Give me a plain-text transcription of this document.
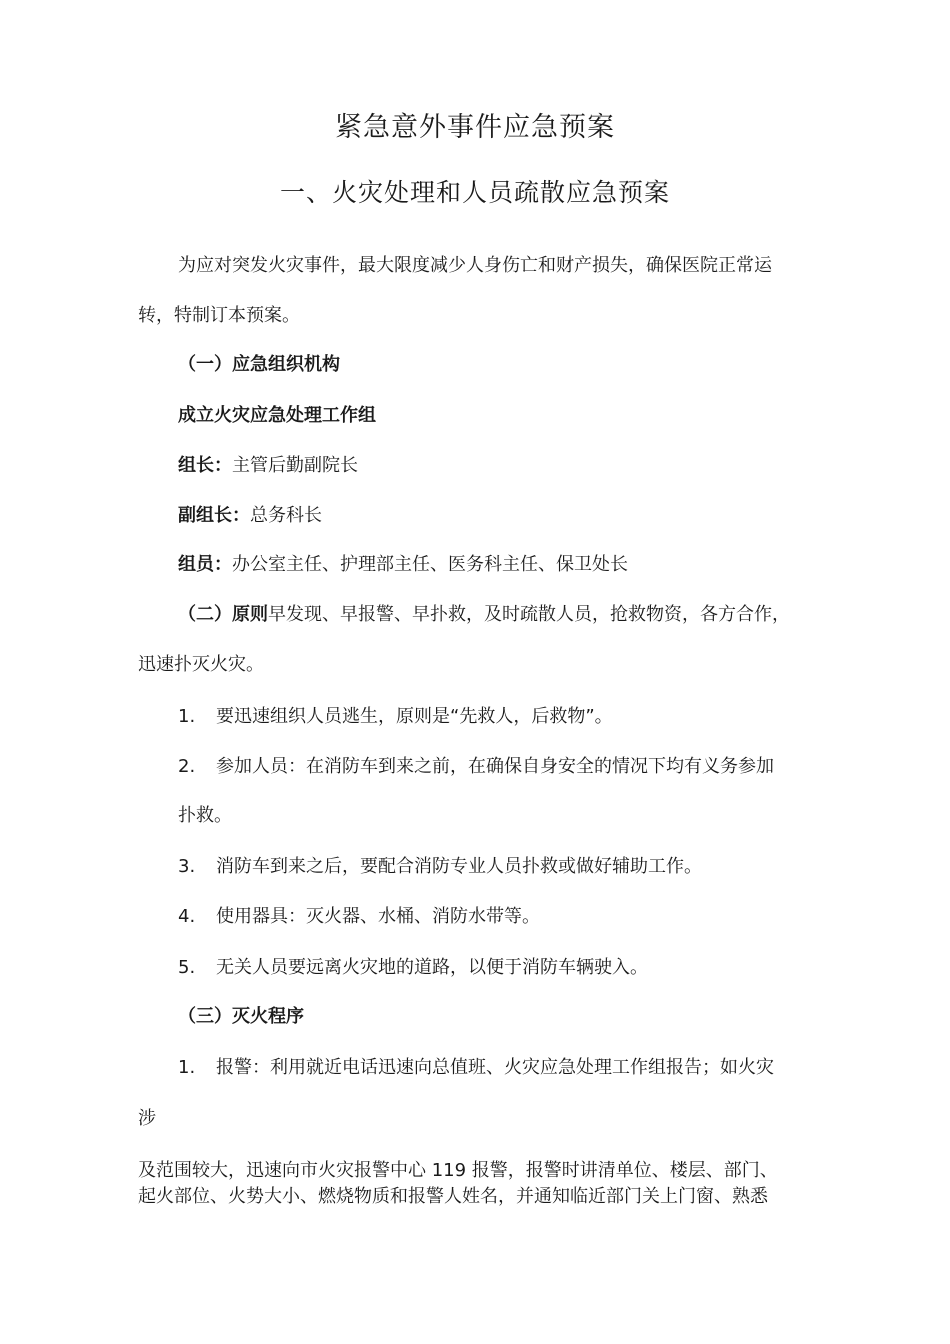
紧急意外事件应急预案
一、火灾处理和人员疏散应急预案

为应对突发火灾事件，最大限度减少人身伤亡和财产损失，确保医院正常运

转，特制订本预案。

（一）应急组织机构

成立火灾应急处理工作组

组长：主管后勤副院长

副组长：总务科长

组员：办公室主任、护理部主任、医务科主任、保卫处长

（二）原则早发现、早报警、早扑救，及时疏散人员，抢救物资，各方合作，

迅速扑灭火灾。

1. 要迅速组织人员逃生，原则是“先救人，后救物”。

2. 参加人员：在消防车到来之前，在确保自身安全的情况下均有义务参加

扑救。

3. 消防车到来之后，要配合消防专业人员扑救或做好辅助工作。

4. 使用器具：灭火器、水桶、消防水带等。

5. 无关人员要远离火灾地的道路，以便于消防车辆驶入。

（三）灭火程序

1. 报警：利用就近电话迅速向总值班、火灾应急处理工作组报告；如火灾

涉

及范围较大，迅速向市火灾报警中心 119 报警，报警时讲清单位、楼层、部门、

起火部位、火势大小、燃烧物质和报警人姓名，并通知临近部门关上门窗、熟悉
